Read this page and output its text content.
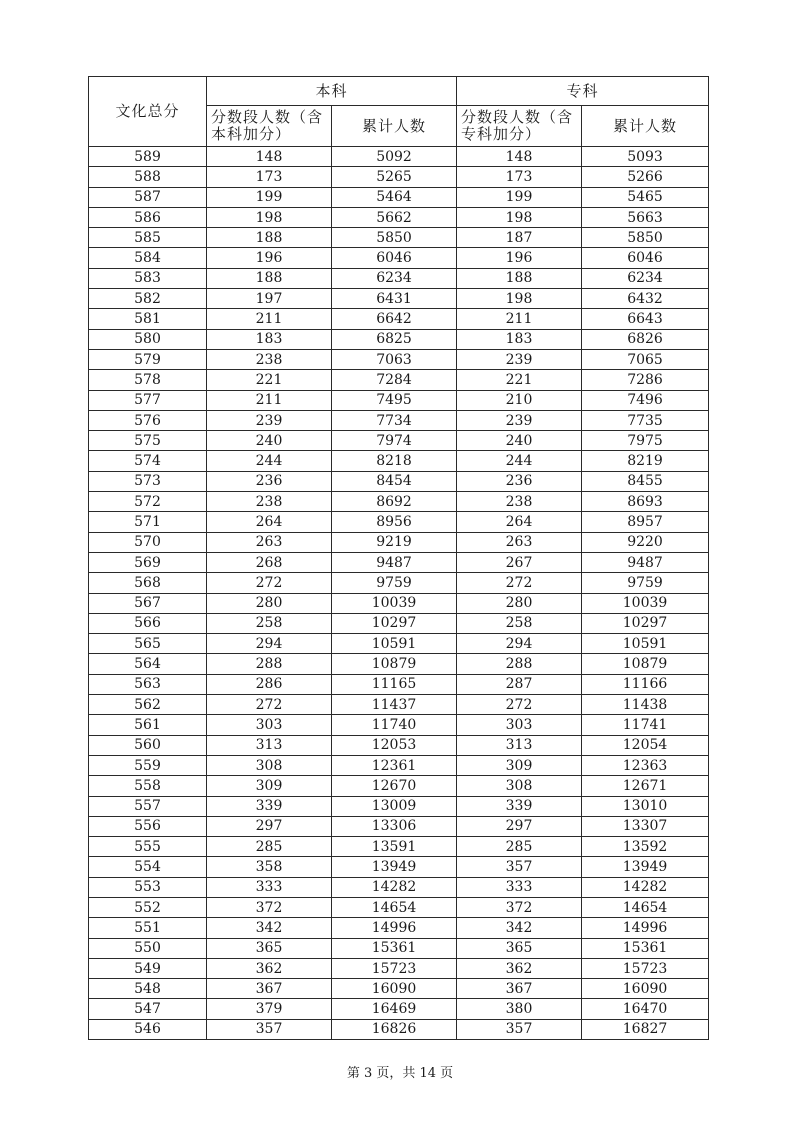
文化总分	本科		专科	
	分数段人数（含本科加分）	累计人数	分数段人数（含专科加分）	累计人数
589	148	5092	148	5093
588	173	5265	173	5266
587	199	5464	199	5465
586	198	5662	198	5663
585	188	5850	187	5850
584	196	6046	196	6046
583	188	6234	188	6234
582	197	6431	198	6432
581	211	6642	211	6643
580	183	6825	183	6826
579	238	7063	239	7065
578	221	7284	221	7286
577	211	7495	210	7496
576	239	7734	239	7735
575	240	7974	240	7975
574	244	8218	244	8219
573	236	8454	236	8455
572	238	8692	238	8693
571	264	8956	264	8957
570	263	9219	263	9220
569	268	9487	267	9487
568	272	9759	272	9759
567	280	10039	280	10039
566	258	10297	258	10297
565	294	10591	294	10591
564	288	10879	288	10879
563	286	11165	287	11166
562	272	11437	272	11438
561	303	11740	303	11741
560	313	12053	313	12054
559	308	12361	309	12363
558	309	12670	308	12671
557	339	13009	339	13010
556	297	13306	297	13307
555	285	13591	285	13592
554	358	13949	357	13949
553	333	14282	333	14282
552	372	14654	372	14654
551	342	14996	342	14996
550	365	15361	365	15361
549	362	15723	362	15723
548	367	16090	367	16090
547	379	16469	380	16470
546	357	16826	357	16827
第 3 页，共 14 页
